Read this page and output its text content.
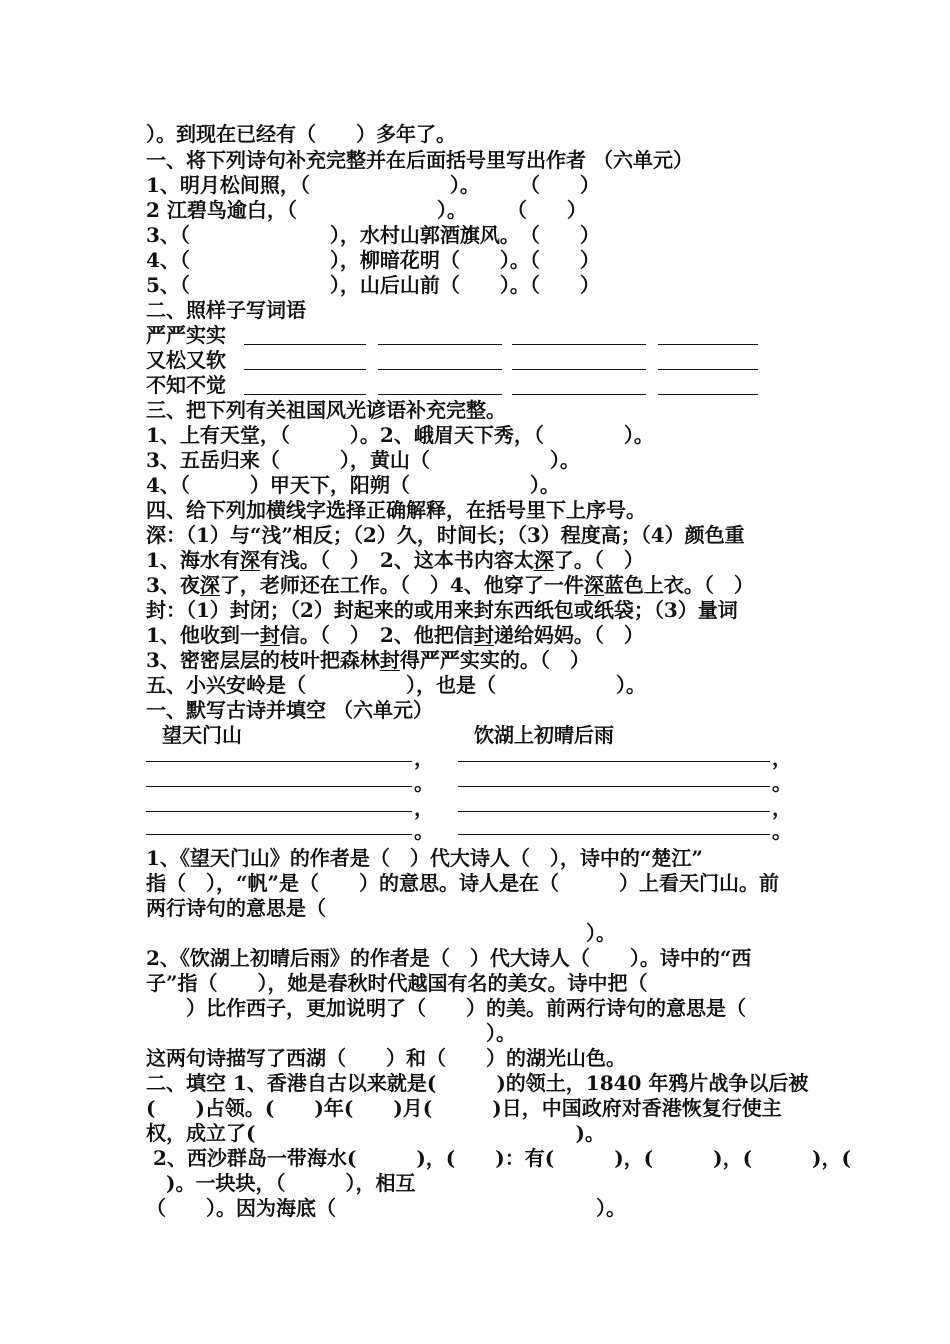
）。到现在已经有（　　）多年了。
一、将下列诗句补充完整并在后面括号里写出作者 （六单元）
1、明月松间照，（　　　　　　　）。　　　（　　）
2 江碧鸟逾白，（　　　　　　　）。　　　（　　）
3、（　　　　　　　），水村山郭酒旗风。　（　　）
4、（　　　　　　　），柳暗花明（　　）。（　　）
5、（　　　　　　　），山后山前（　　）。（　　）
二、照样子写词语
严严实实
又松又软
不知不觉
三、把下列有关祖国风光谚语补充完整。
1、上有天堂，（　　　）。2、峨眉天下秀，（　　　　）。
3、五岳归来（　　　），黄山（　　　　　　）。
4、（　　　）甲天下，阳朔（　　　　　　）。
四、给下列加横线字选择正确解释，在括号里下上序号。
深：（1）与“浅”相反；（2）久，时间长；（3）程度高；（4）颜色重
1、海水有深有浅。（　）　2、这本书内容太深了。（　）
3、夜深了，老师还在工作。（　）4、他穿了一件深蓝色上衣。（　）
封：（1）封闭；（2）封起来的或用来封东西纸包或纸袋；（3）量词
1、他收到一封信。（　）　2、他把信封递给妈妈。（　）
3、密密层层的枝叶把森林封得严严实实的。（　）
五、小兴安岭是（　　　　　），也是（　　　　　　）。
一、默写古诗并填空 （六单元）
望天门山	饮湖上初晴后雨
，	，
。	。
，	，
。	。
1、《望天门山》的作者是（　）代大诗人（　），诗中的“楚江”
指（　），“帆”是（　　）的意思。诗人是在（　　　）上看天门山。前
两行诗句的意思是（
　　　　　　　　　　　　　　　　　　　　　　）。
2、《饮湖上初晴后雨》的作者是（　）代大诗人（　　）。诗中的“西
子”指（　　），她是春秋时代越国有名的美女。诗中把（
　　）比作西子，更加说明了（　　）的美。前两行诗句的意思是（
　　　　　　　　　　　　　　　　　）。
这两句诗描写了西湖（　　）和（　　）的湖光山色。
二、填空 1、香港自古以来就是(　　　)的领土，1840 年鸦片战争以后被
(　　)占领。(　　)年(　　)月(　　　)日，中国政府对香港恢复行使主
权，成立了(　　　　　　　　　　　　　　　　)。
2、西沙群岛一带海水(　　　)，(　　)：有(　　　)，(　　　)，(　　　)，(
　)。一块块，（　　　），相互
（　　）。因为海底（　　　　　　　　　　　　　）。
